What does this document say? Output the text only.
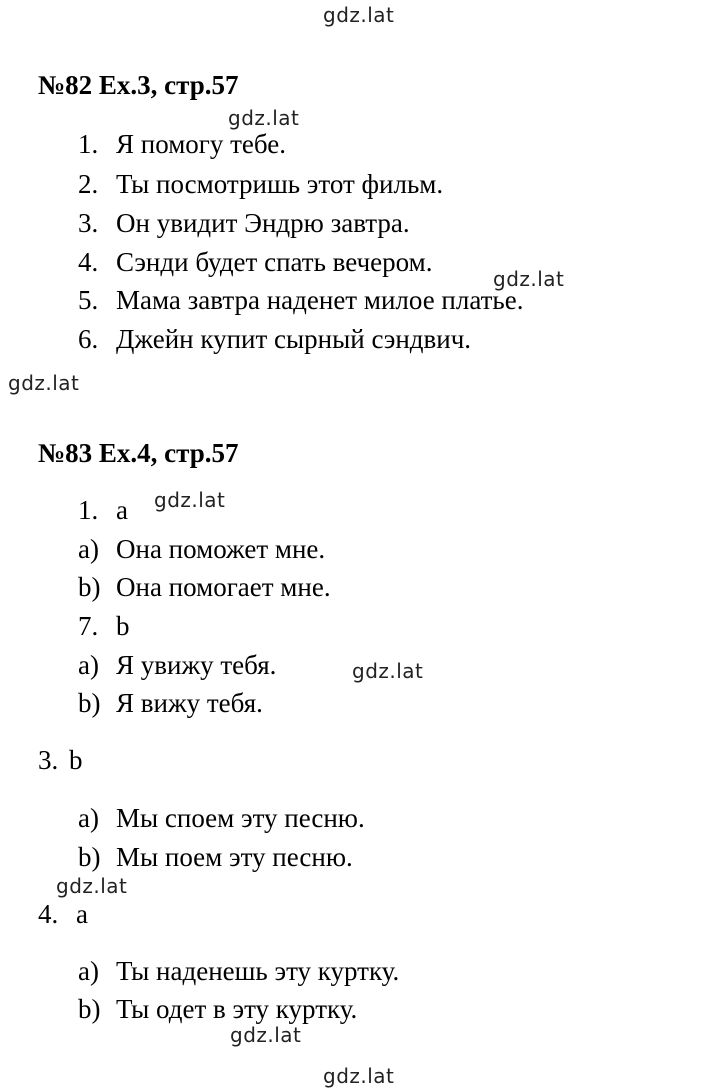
gdz.lat
gdz.lat
gdz.lat
gdz.lat
gdz.lat
gdz.lat
gdz.lat
gdz.lat
gdz.lat
№82 Ex.3, стр.57
1. Я помогу тебе.
2. Ты посмотришь этот фильм.
3. Он увидит Эндрю завтра.
4. Сэнди будет спать вечером.
5. Мама завтра наденет милое платье.
6. Джейн купит сырный сэндвич.
№83 Ex.4, стр.57
1. a
a) Она поможет мне.
b) Она помогает мне.
7. b
a) Я увижу тебя.
b) Я вижу тебя.
3. b
a) Мы споем эту песню.
b) Мы поем эту песню.
4. a
a) Ты наденешь эту куртку.
b) Ты одет в эту куртку.
